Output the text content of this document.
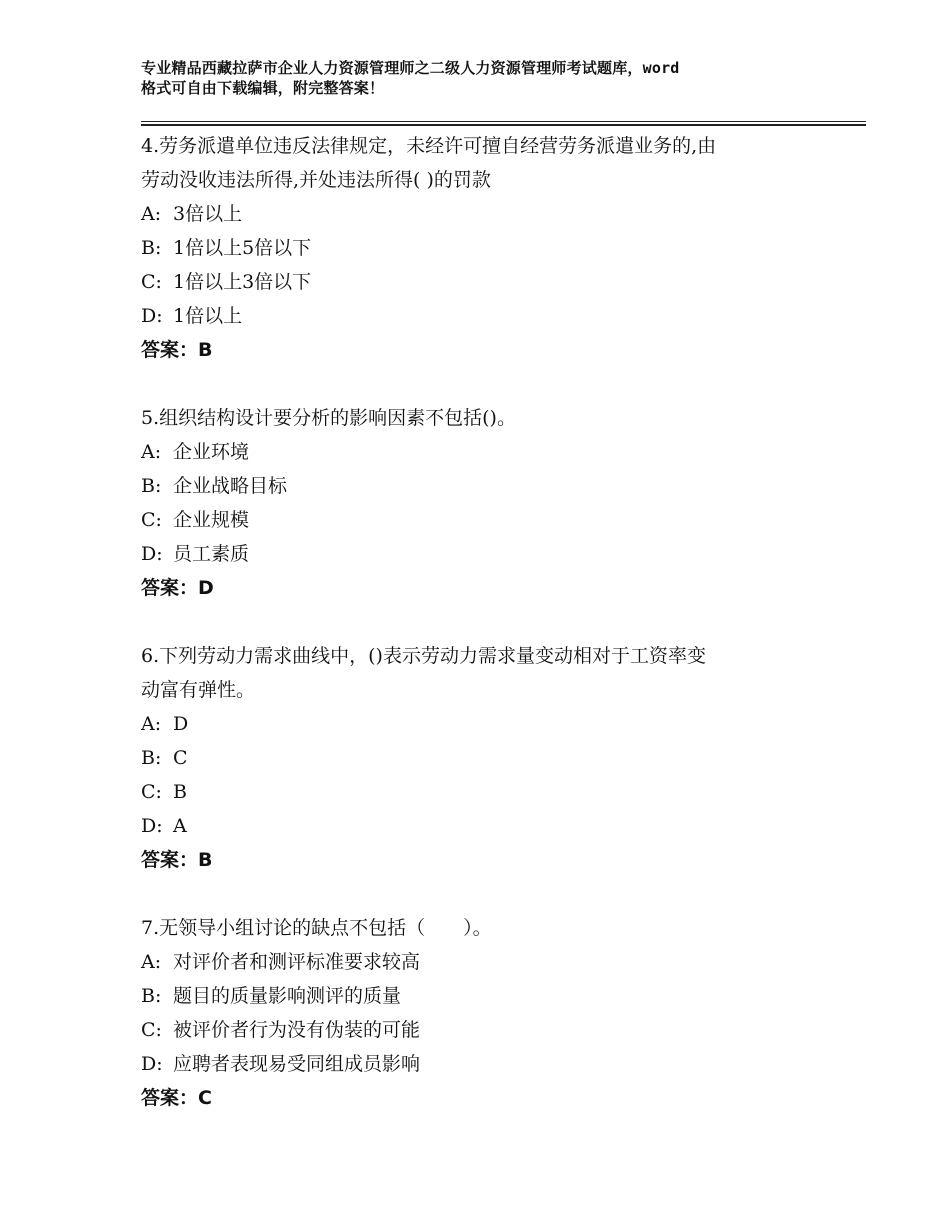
专业精品西藏拉萨市企业人力资源管理师之二级人力资源管理师考试题库，word
格式可自由下载编辑，附完整答案！
4.劳务派遣单位违反法律规定，未经许可擅自经营劳务派遣业务的,由
劳动没收违法所得,并处违法所得( )的罚款
A: 3倍以上
B: 1倍以上5倍以下
C: 1倍以上3倍以下
D: 1倍以上
答案：B
5.组织结构设计要分析的影响因素不包括()。
A: 企业环境
B: 企业战略目标
C: 企业规模
D: 员工素质
答案：D
6.下列劳动力需求曲线中，()表示劳动力需求量变动相对于工资率变
动富有弹性。
A: D
B: C
C: B
D: A
答案：B
7.无领导小组讨论的缺点不包括（　　）。
A: 对评价者和测评标准要求较高
B: 题目的质量影响测评的质量
C: 被评价者行为没有伪装的可能
D: 应聘者表现易受同组成员影响
答案：C
